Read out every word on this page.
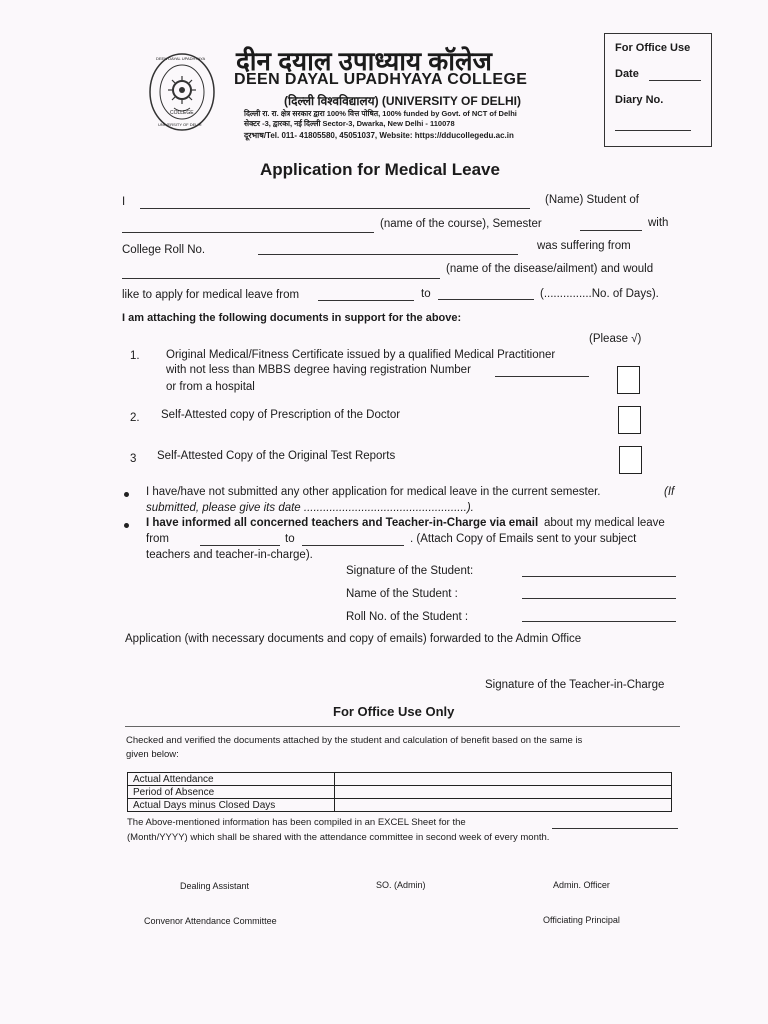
DEEN DAYAL UPADHYAYA
COLLEGE
UNIVERSITY OF DELHI
दीन दयाल उपाध्याय कॉलेज
DEEN DAYAL UPADHYAYA COLLEGE
(दिल्ली विश्वविद्यालय) (UNIVERSITY OF DELHI)
दिल्ली रा. रा. क्षेत्र सरकार द्वारा 100% वित्त पोषित, 100% funded by Govt. of NCT of Delhi
सेक्टर -3, द्वारका, नई दिल्ली Sector-3, Dwarka, New Delhi - 110078
दूरभाष/Tel. 011- 41805580, 45051037, Website: https://dducollegedu.ac.in
For Office Use
Date
Diary No.
Application for Medical Leave
I	(Name) Student of
(name of the course), Semester	with
College Roll No.	was suffering from
(name of the disease/ailment) and would
like to apply for medical leave from	to	(...............No. of Days).
I am attaching the following documents in support for the above:
(Please √)
1. Original Medical/Fitness Certificate issued by a qualified Medical Practitioner
with not less than MBBS degree having registration Number
or from a hospital
2. Self-Attested copy of Prescription of the Doctor
3 Self-Attested Copy of the Original Test Reports
I have/have not submitted any other application for medical leave in the current semester.	(If
submitted, please give its date ...................................................).
I have informed all concerned teachers and Teacher-in-Charge via email about my medical leave
from	to	. (Attach Copy of Emails sent to your subject
teachers and teacher-in-charge).
Signature of the Student:
Name of the Student :
Roll No. of the Student :
Application (with necessary documents and copy of emails) forwarded to the Admin Office
Signature of the Teacher-in-Charge
For Office Use Only
Checked and verified the documents attached by the student and calculation of benefit based on the same is
given below:
Actual Attendance	
Period of Absence	
Actual Days minus Closed Days	
The Above-mentioned information has been compiled in an EXCEL Sheet for the
(Month/YYYY) which shall be shared with the attendance committee in second week of every month.
Dealing Assistant	SO. (Admin)	Admin. Officer
Convenor Attendance Committee	Officiating Principal
